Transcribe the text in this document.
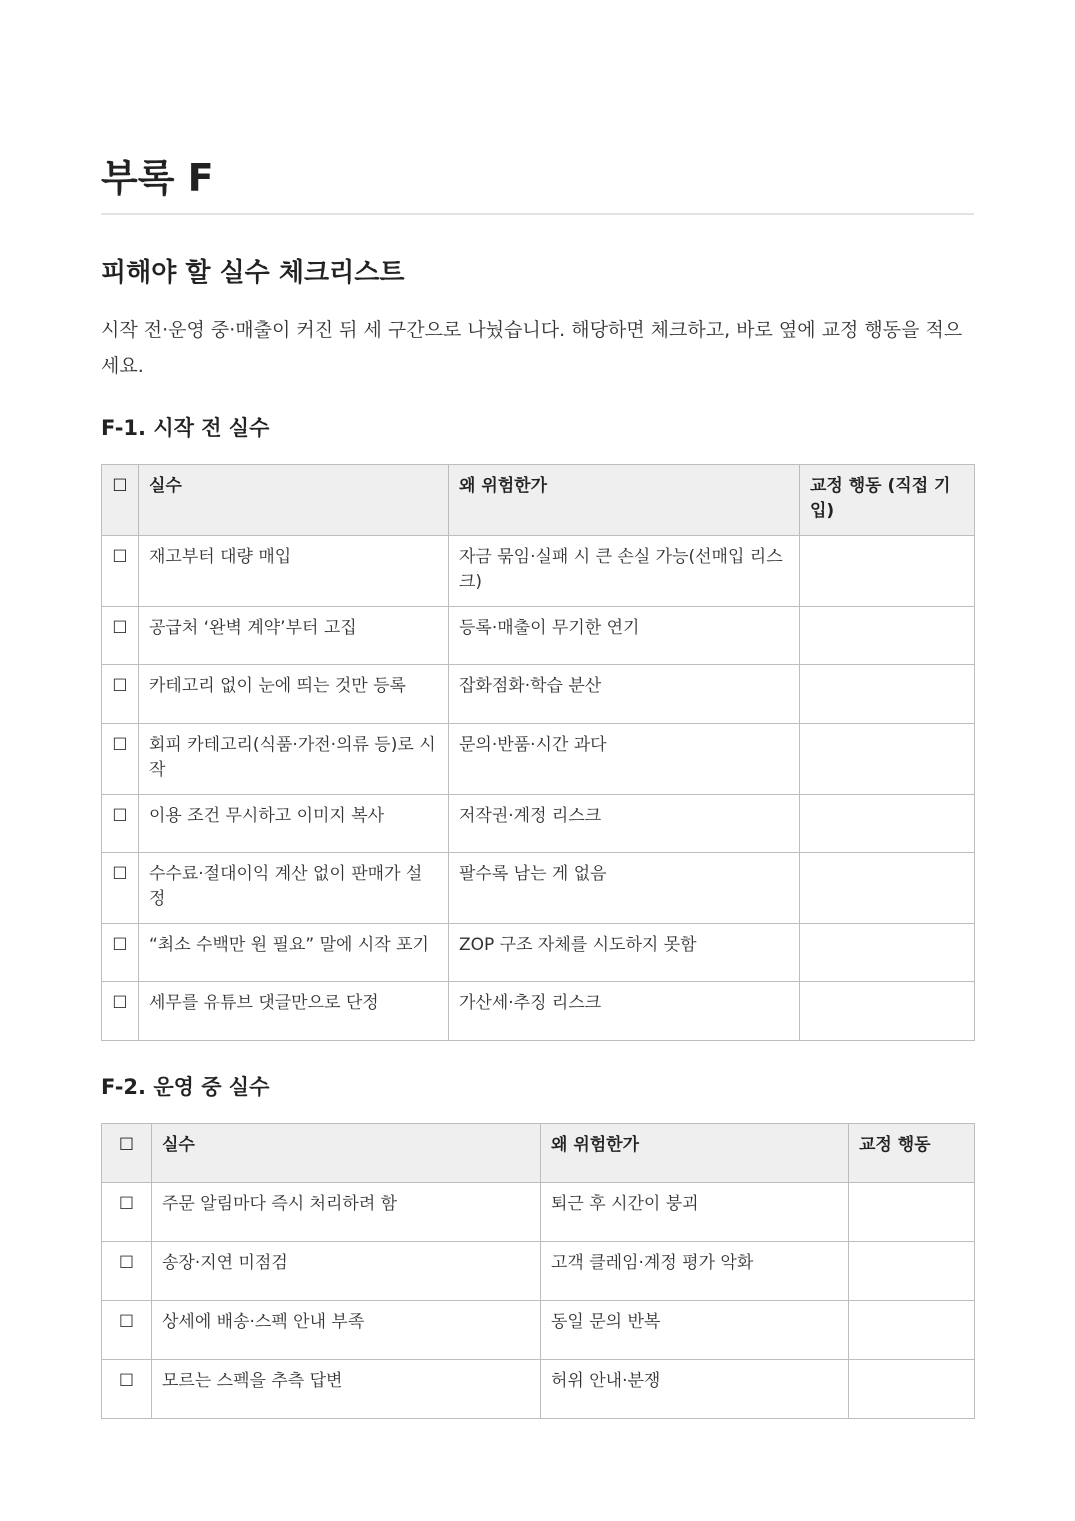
부록 F
피해야 할 실수 체크리스트

시작 전·운영 중·매출이 커진 뒤 세 구간으로 나눴습니다. 해당하면 체크하고, 바로 옆에 교정 행동을 적으세요.

F-1. 시작 전 실수
☐	실수	왜 위험한가	교정 행동 (직접 기입)
☐	재고부터 대량 매입	자금 묶임·실패 시 큰 손실 가능(선매입 리스크)	
☐	공급처 ‘완벽 계약’부터 고집	등록·매출이 무기한 연기	
☐	카테고리 없이 눈에 띄는 것만 등록	잡화점화·학습 분산	
☐	회피 카테고리(식품·가전·의류 등)로 시작	문의·반품·시간 과다	
☐	이용 조건 무시하고 이미지 복사	저작권·계정 리스크	
☐	수수료·절대이익 계산 없이 판매가 설정	팔수록 남는 게 없음	
☐	“최소 수백만 원 필요” 말에 시작 포기	ZOP 구조 자체를 시도하지 못함	
☐	세무를 유튜브 댓글만으로 단정	가산세·추징 리스크	
F-2. 운영 중 실수
☐	실수	왜 위험한가	교정 행동
☐	주문 알림마다 즉시 처리하려 함	퇴근 후 시간이 붕괴	
☐	송장·지연 미점검	고객 클레임·계정 평가 악화	
☐	상세에 배송·스펙 안내 부족	동일 문의 반복	
☐	모르는 스펙을 추측 답변	허위 안내·분쟁	
